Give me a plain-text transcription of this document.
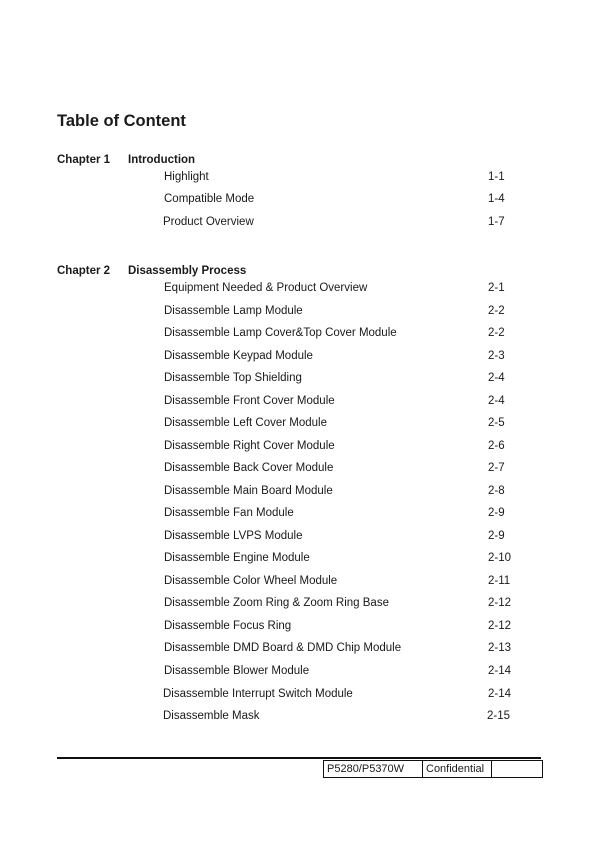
Table of Content
Chapter 1 Introduction
Highlight	1-1
Compatible Mode	1-4
Product Overview	1-7
Chapter 2 Disassembly Process
Equipment Needed & Product Overview	2-1
Disassemble Lamp Module	2-2
Disassemble Lamp Cover&Top Cover Module	2-2
Disassemble Keypad Module	2-3
Disassemble Top Shielding	2-4
Disassemble Front Cover Module	2-4
Disassemble Left Cover Module	2-5
Disassemble Right Cover Module	2-6
Disassemble Back Cover Module	2-7
Disassemble Main Board Module	2-8
Disassemble Fan Module	2-9
Disassemble LVPS Module	2-9
Disassemble Engine Module	2-10
Disassemble Color Wheel Module	2-11
Disassemble Zoom Ring & Zoom Ring Base	2-12
Disassemble Focus Ring	2-12
Disassemble DMD Board & DMD Chip Module	2-13
Disassemble Blower Module	2-14
Disassemble Interrupt Switch Module	2-14
Disassemble Mask	2-15
P5280/P5370W	Confidential
